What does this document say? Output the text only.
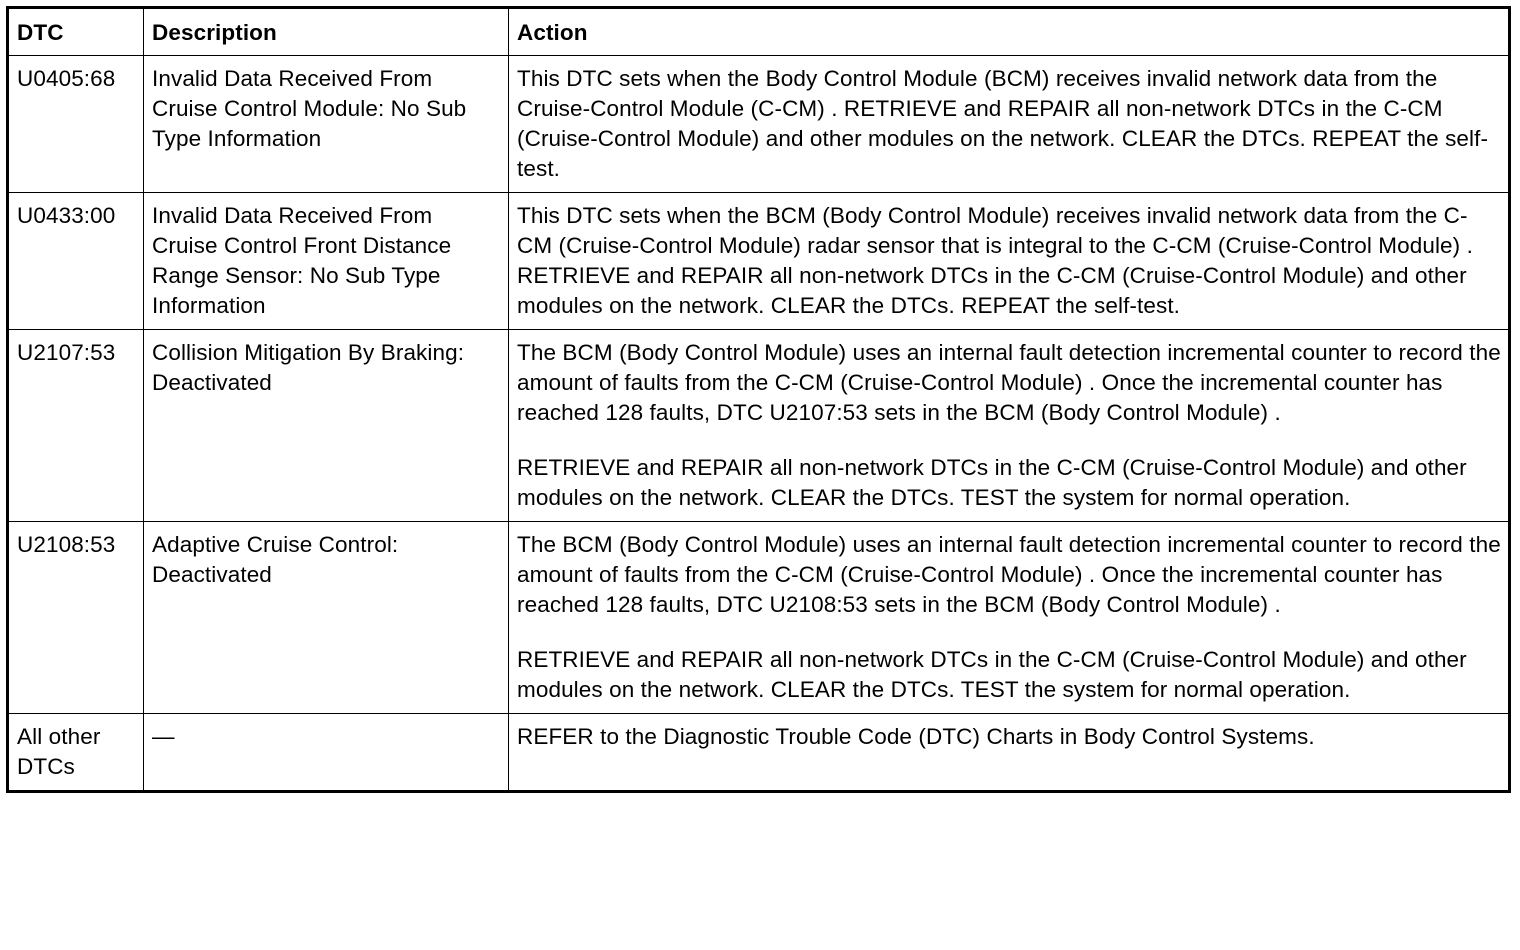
DTC	Description	Action
U0405:68	Invalid Data Received From Cruise Control Module: No Sub Type Information	This DTC sets when the Body Control Module (BCM) receives invalid network data from the Cruise-Control Module (C-CM) . RETRIEVE and REPAIR all non-network DTCs in the C-CM (Cruise-Control Module) and other modules on the network. CLEAR the DTCs. REPEAT the self-test.

U0433:00	Invalid Data Received From Cruise Control Front Distance Range Sensor: No Sub Type Information	This DTC sets when the BCM (Body Control Module) receives invalid network data from the C-CM (Cruise-Control Module) radar sensor that is integral to the C-CM (Cruise-Control Module) . RETRIEVE and REPAIR all non-network DTCs in the C-CM (Cruise-Control Module) and other modules on the network. CLEAR the DTCs. REPEAT the self-test.

U2107:53	Collision Mitigation By Braking: Deactivated	The BCM (Body Control Module) uses an internal fault detection incremental counter to record the amount of faults from the C-CM (Cruise-Control Module) . Once the incremental counter has reached 128 faults, DTC U2107:53 sets in the BCM (Body Control Module) .

RETRIEVE and REPAIR all non-network DTCs in the C-CM (Cruise-Control Module) and other modules on the network. CLEAR the DTCs. TEST the system for normal operation.

U2108:53	Adaptive Cruise Control: Deactivated	The BCM (Body Control Module) uses an internal fault detection incremental counter to record the amount of faults from the C-CM (Cruise-Control Module) . Once the incremental counter has reached 128 faults, DTC U2108:53 sets in the BCM (Body Control Module) .

RETRIEVE and REPAIR all non-network DTCs in the C-CM (Cruise-Control Module) and other modules on the network. CLEAR the DTCs. TEST the system for normal operation.

All other DTCs	—	REFER to the Diagnostic Trouble Code (DTC) Charts in Body Control Systems.
